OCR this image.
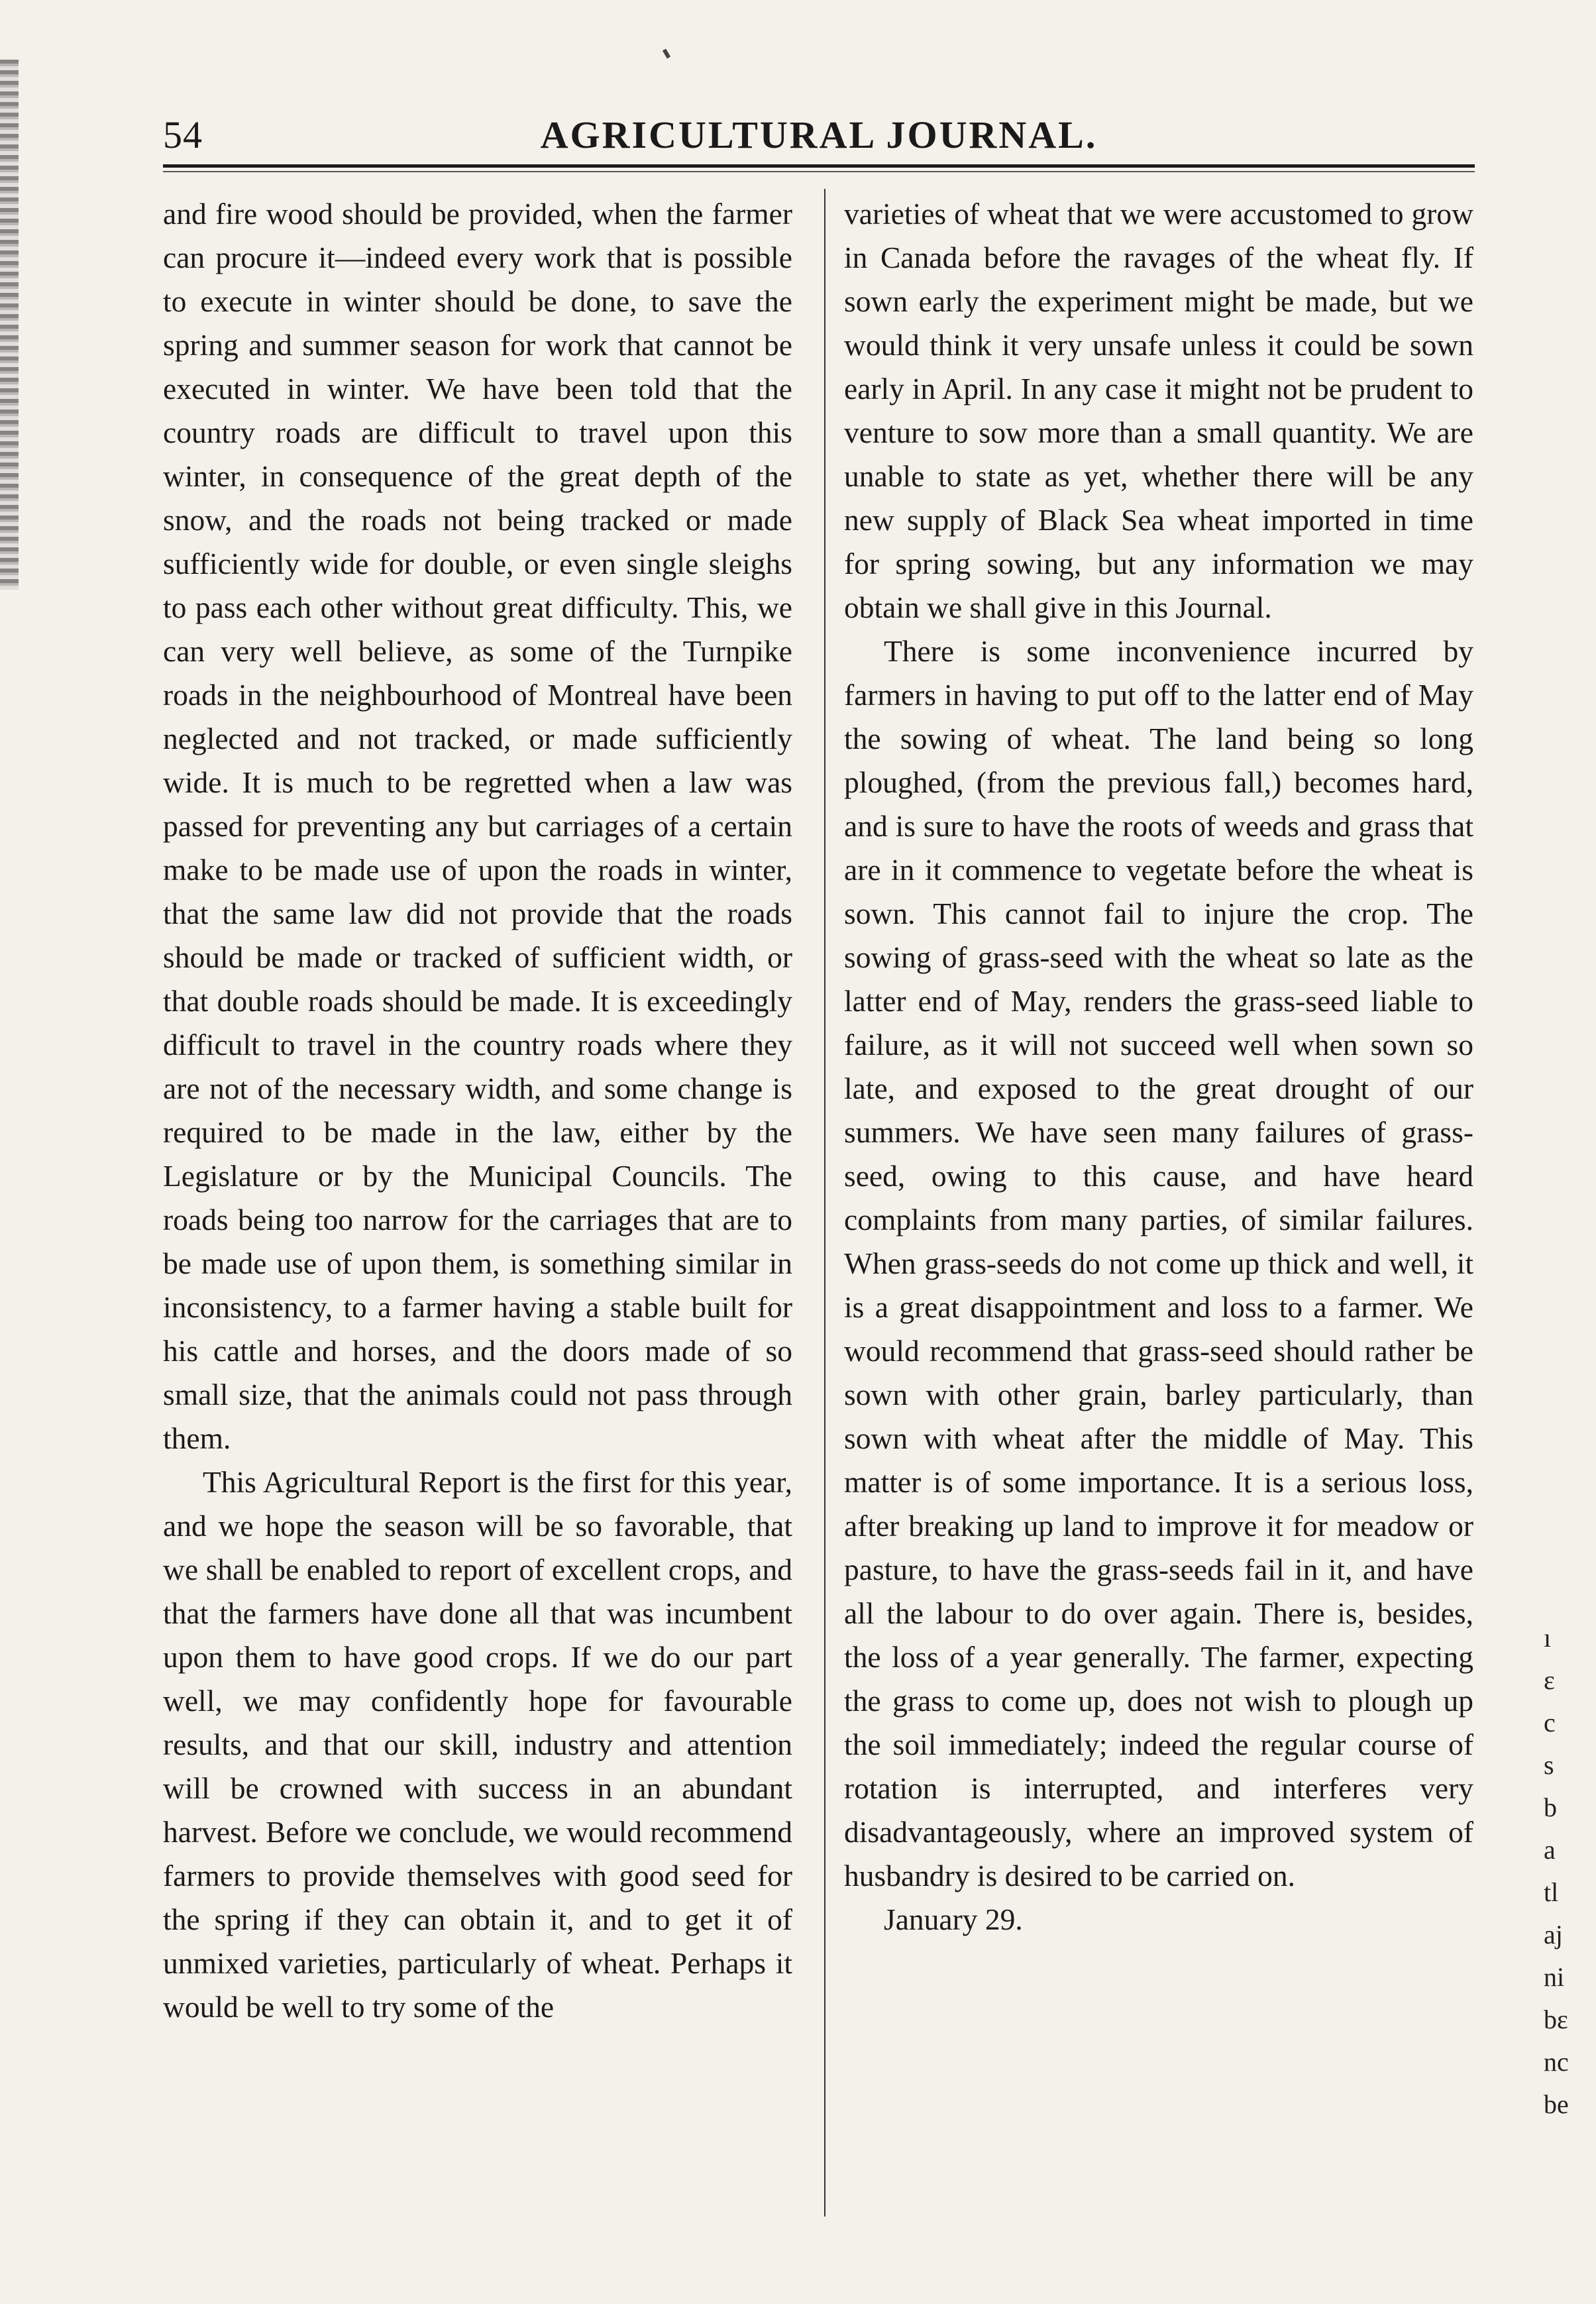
54	AGRICULTURAL JOURNAL.

and fire wood should be provided, when the farmer can procure it—indeed every work that is possible to execute in winter should be done, to save the spring and summer season for work that cannot be executed in winter. We have been told that the country roads are difficult to travel upon this winter, in consequence of the great depth of the snow, and the roads not being tracked or made sufficiently wide for double, or even single sleighs to pass each other without great difficulty. This, we can very well believe, as some of the Turnpike roads in the neighbourhood of Montreal have been neglected and not tracked, or made sufficiently wide. It is much to be regretted when a law was passed for preventing any but carriages of a certain make to be made use of upon the roads in winter, that the same law did not provide that the roads should be made or tracked of sufficient width, or that double roads should be made. It is exceedingly difficult to travel in the country roads where they are not of the necessary width, and some change is required to be made in the law, either by the Legislature or by the Municipal Councils. The roads being too narrow for the carriages that are to be made use of upon them, is something similar in inconsistency, to a farmer having a stable built for his cattle and horses, and the doors made of so small size, that the animals could not pass through them.

This Agricultural Report is the first for this year, and we hope the season will be so favorable, that we shall be enabled to report of excellent crops, and that the farmers have done all that was incumbent upon them to have good crops. If we do our part well, we may confidently hope for favourable results, and that our skill, industry and attention will be crowned with success in an abundant harvest. Before we conclude, we would recommend farmers to provide themselves with good seed for the spring if they can obtain it, and to get it of unmixed varieties, particularly of wheat. Perhaps it would be well to try some of the

varieties of wheat that we were accustomed to grow in Canada before the ravages of the wheat fly. If sown early the experiment might be made, but we would think it very unsafe unless it could be sown early in April. In any case it might not be prudent to venture to sow more than a small quantity. We are unable to state as yet, whether there will be any new supply of Black Sea wheat imported in time for spring sowing, but any information we may obtain we shall give in this Journal.

There is some inconvenience incurred by farmers in having to put off to the latter end of May the sowing of wheat. The land being so long ploughed, (from the previous fall,) becomes hard, and is sure to have the roots of weeds and grass that are in it commence to vegetate before the wheat is sown. This cannot fail to injure the crop. The sowing of grass-seed with the wheat so late as the latter end of May, renders the grass-seed liable to failure, as it will not succeed well when sown so late, and exposed to the great drought of our summers. We have seen many failures of grass-seed, owing to this cause, and have heard complaints from many parties, of similar failures. When grass-seeds do not come up thick and well, it is a great disappointment and loss to a farmer. We would recommend that grass-seed should rather be sown with other grain, barley particularly, than sown with wheat after the middle of May. This matter is of some importance. It is a serious loss, after breaking up land to improve it for meadow or pasture, to have the grass-seeds fail in it, and have all the labour to do over again. There is, besides, the loss of a year generally. The farmer, expecting the grass to come up, does not wish to plough up the soil immediately; indeed the regular course of rotation is interrupted, and interferes very disadvantageously, where an improved system of husbandry is desired to be carried on.

January 29.

ı
ɛ
c
s
b
a
tl
aj
ni
bɛ
nc
be
